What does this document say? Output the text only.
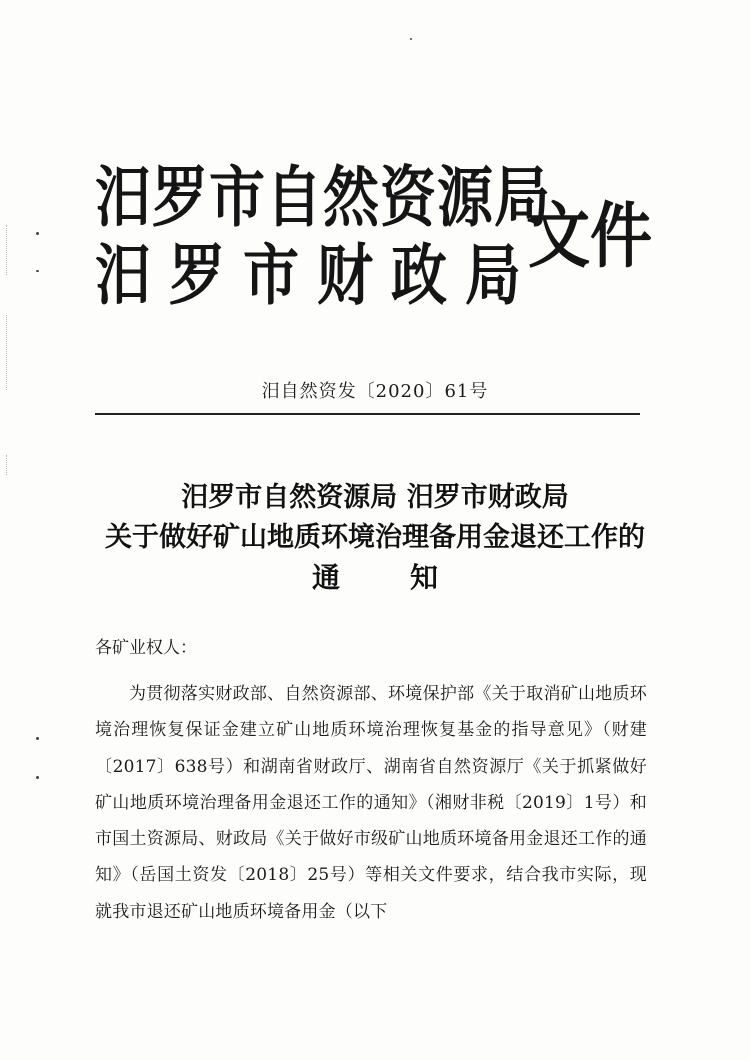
汨罗市自然资源局
汨罗市财政局
文件
汨自然资发〔2020〕61号
汨罗市自然资源局 汨罗市财政局
关于做好矿山地质环境治理备用金退还工作的
通	知
各矿业权人：
为贯彻落实财政部、自然资源部、环境保护部《关于取消矿山地质环境治理恢复保证金建立矿山地质环境治理恢复基金的指导意见》（财建〔2017〕638号）和湖南省财政厅、湖南省自然资源厅《关于抓紧做好矿山地质环境治理备用金退还工作的通知》（湘财非税〔2019〕1号）和市国土资源局、财政局《关于做好市级矿山地质环境备用金退还工作的通知》（岳国土资发〔2018〕25号）等相关文件要求，结合我市实际，现就我市退还矿山地质环境备用金（以下
